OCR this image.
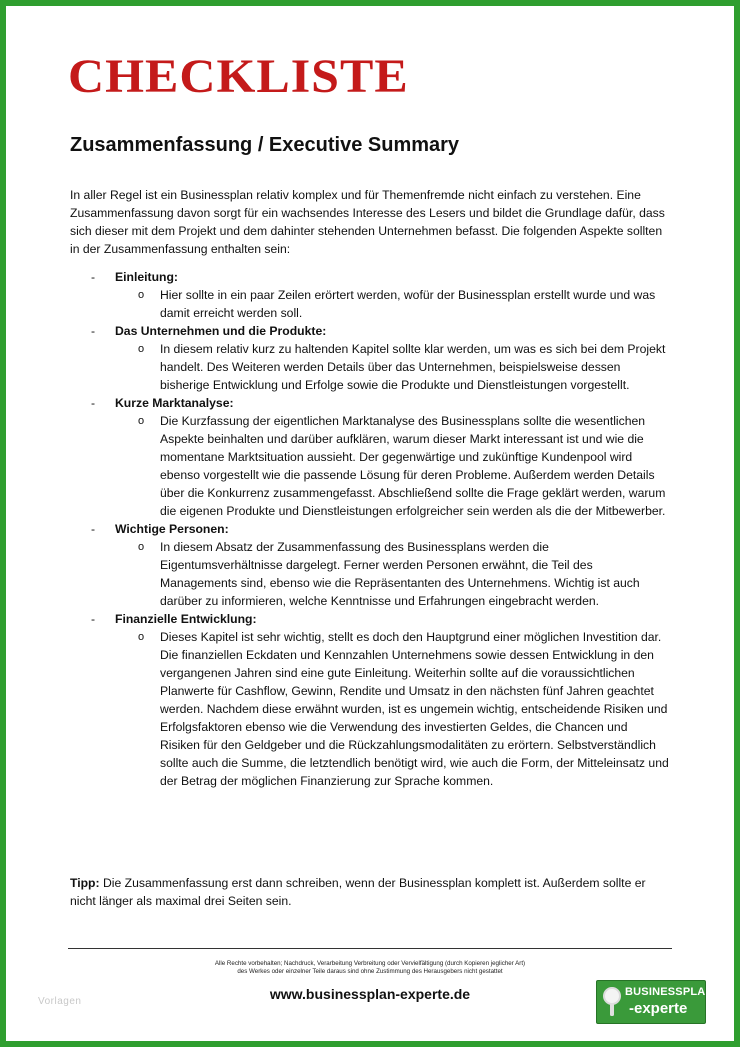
CHECKLISTE
Zusammenfassung / Executive Summary
In aller Regel ist ein Businessplan relativ komplex und für Themenfremde nicht einfach zu verstehen. Eine Zusammenfassung davon sorgt für ein wachsendes Interesse des Lesers und bildet die Grundlage dafür, dass sich dieser mit dem Projekt und dem dahinter stehenden Unternehmen befasst. Die folgenden Aspekte sollten in der Zusammenfassung enthalten sein:
- Einleitung:
o Hier sollte in ein paar Zeilen erörtert werden, wofür der Businessplan erstellt wurde und was damit erreicht werden soll.
- Das Unternehmen und die Produkte:
o In diesem relativ kurz zu haltenden Kapitel sollte klar werden, um was es sich bei dem Projekt handelt. Des Weiteren werden Details über das Unternehmen, beispielsweise dessen bisherige Entwicklung und Erfolge sowie die Produkte und Dienstleistungen vorgestellt.
- Kurze Marktanalyse:
o Die Kurzfassung der eigentlichen Marktanalyse des Businessplans sollte die wesentlichen Aspekte beinhalten und darüber aufklären, warum dieser Markt interessant ist und wie die momentane Marktsituation aussieht. Der gegenwärtige und zukünftige Kundenpool wird ebenso vorgestellt wie die passende Lösung für deren Probleme. Außerdem werden Details über die Konkurrenz zusammengefasst. Abschließend sollte die Frage geklärt werden, warum die eigenen Produkte und Dienstleistungen erfolgreicher sein werden als die der Mitbewerber.
- Wichtige Personen:
o In diesem Absatz der Zusammenfassung des Businessplans werden die Eigentumsverhältnisse dargelegt. Ferner werden Personen erwähnt, die Teil des Managements sind, ebenso wie die Repräsentanten des Unternehmens. Wichtig ist auch darüber zu informieren, welche Kenntnisse und Erfahrungen eingebracht werden.
- Finanzielle Entwicklung:
o Dieses Kapitel ist sehr wichtig, stellt es doch den Hauptgrund einer möglichen Investition dar. Die finanziellen Eckdaten und Kennzahlen Unternehmens sowie dessen Entwicklung in den vergangenen Jahren sind eine gute Einleitung. Weiterhin sollte auf die voraussichtlichen Planwerte für Cashflow, Gewinn, Rendite und Umsatz in den nächsten fünf Jahren geachtet werden. Nachdem diese erwähnt wurden, ist es ungemein wichtig, entscheidende Risiken und Erfolgsfaktoren ebenso wie die Verwendung des investierten Geldes, die Chancen und Risiken für den Geldgeber und die Rückzahlungsmodalitäten zu erörtern. Selbstverständlich sollte auch die Summe, die letztendlich benötigt wird, wie auch die Form, der Mitteleinsatz und der Betrag der möglichen Finanzierung zur Sprache kommen.
Tipp: Die Zusammenfassung erst dann schreiben, wenn der Businessplan komplett ist. Außerdem sollte er nicht länger als maximal drei Seiten sein.
Alle Rechte vorbehalten; Nachdruck, Verarbeitung Verbreitung oder Vervielfältigung (durch Kopieren jeglicher Art)
des Werkes oder einzelner Teile daraus sind ohne Zustimmung des Herausgebers nicht gestattet
www.businessplan-experte.de
Vorlagen
BUSINESSPLAN
-experte
